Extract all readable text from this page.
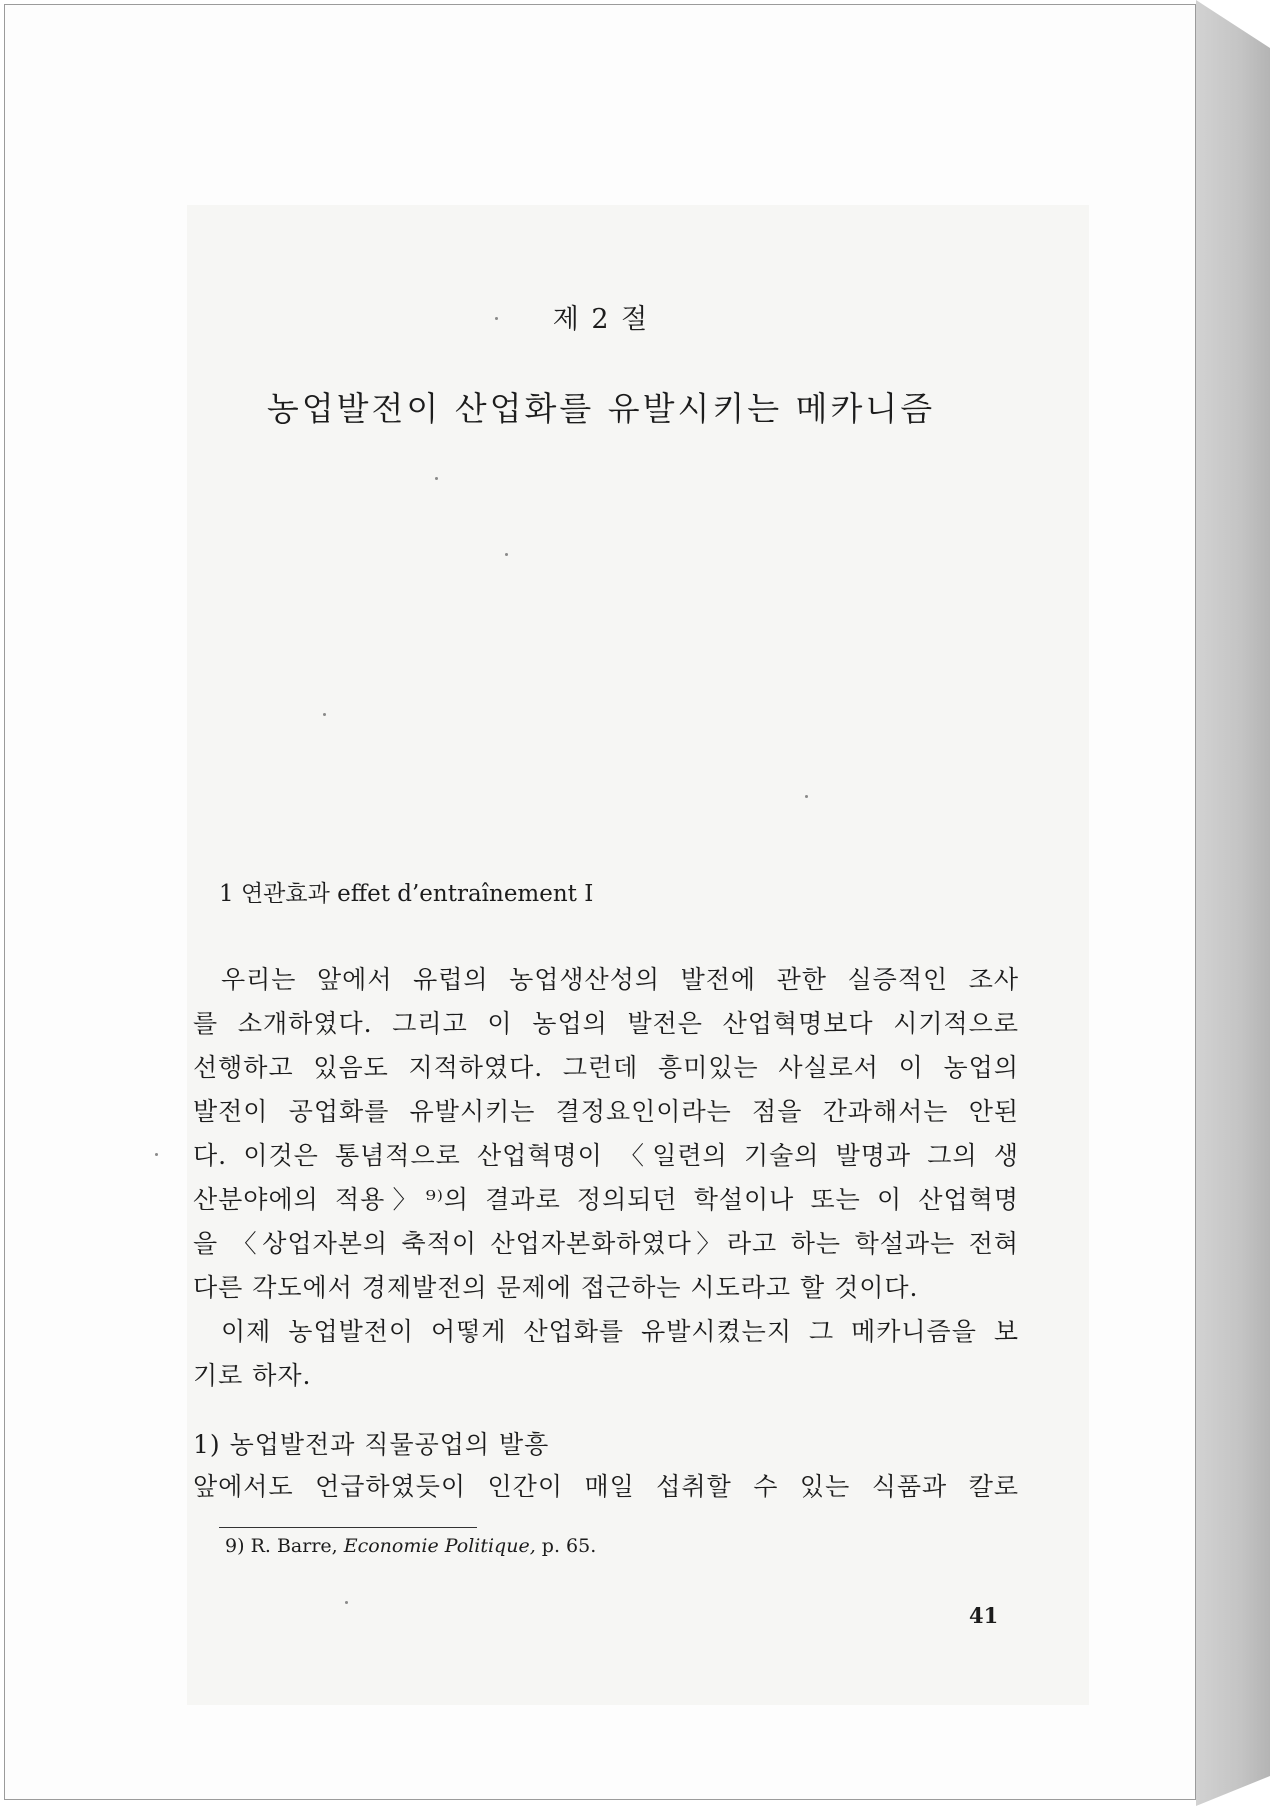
제 2 절
농업발전이 산업화를 유발시키는 메카니즘
1 연관효과 effet d’entraînement Ⅰ
우리는 앞에서 유럽의 농업생산성의 발전에 관한 실증적인 조사
를 소개하였다. 그리고 이 농업의 발전은 산업혁명보다 시기적으로
선행하고 있음도 지적하였다. 그런데 흥미있는 사실로서 이 농업의
발전이 공업화를 유발시키는 결정요인이라는 점을 간과해서는 안된
다. 이것은 통념적으로 산업혁명이 〈일련의 기술의 발명과 그의 생
산분야에의 적용〉⁹⁾의 결과로 정의되던 학설이나 또는 이 산업혁명
을 〈상업자본의 축적이 산업자본화하였다〉라고 하는 학설과는 전혀
다른 각도에서 경제발전의 문제에 접근하는 시도라고 할 것이다.
이제 농업발전이 어떻게 산업화를 유발시켰는지 그 메카니즘을 보
기로 하자.
1) 농업발전과 직물공업의 발흥
앞에서도 언급하였듯이 인간이 매일 섭취할 수 있는 식품과 칼로
9) R. Barre, Economie Politique, p. 65.
41
